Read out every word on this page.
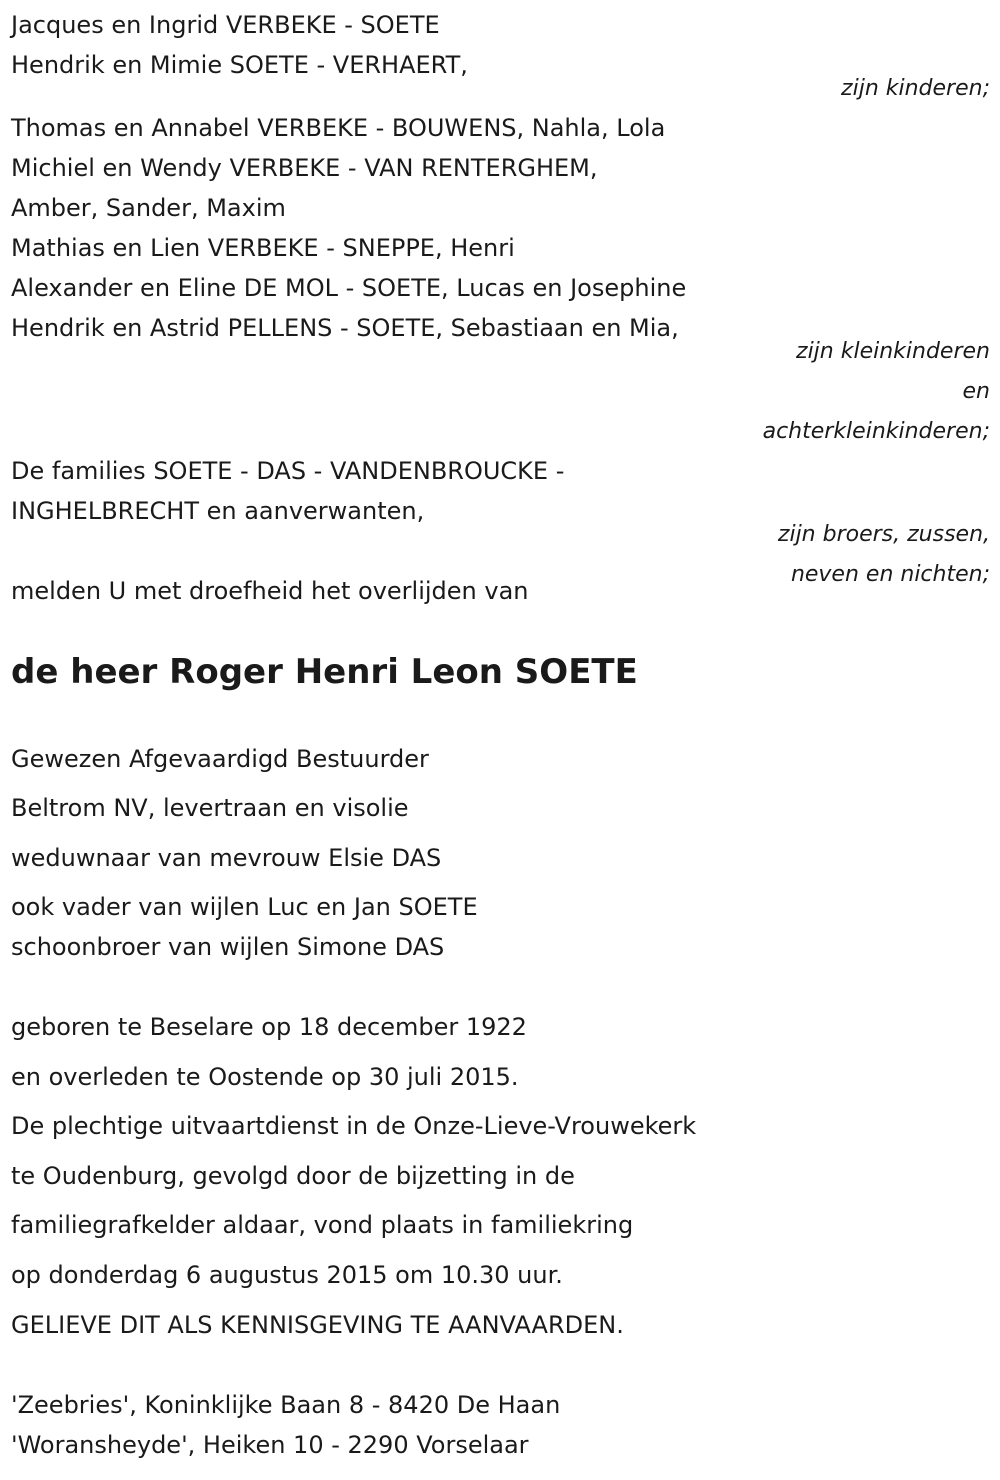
Jacques en Ingrid VERBEKE - SOETE
Hendrik en Mimie SOETE - VERHAERT,
zijn kinderen;
Thomas en Annabel VERBEKE - BOUWENS, Nahla, Lola
Michiel en Wendy VERBEKE - VAN RENTERGHEM,
Amber, Sander, Maxim
Mathias en Lien VERBEKE - SNEPPE, Henri
Alexander en Eline DE MOL - SOETE, Lucas en Josephine
Hendrik en Astrid PELLENS - SOETE, Sebastiaan en Mia,
zijn kleinkinderen
en
achterkleinkinderen;
De families SOETE - DAS - VANDENBROUCKE -
INGHELBRECHT en aanverwanten,
zijn broers, zussen,
neven en nichten;
melden U met droefheid het overlijden van
de heer Roger Henri Leon SOETE
Gewezen Afgevaardigd Bestuurder
Beltrom NV, levertraan en visolie
weduwnaar van mevrouw Elsie DAS
ook vader van wijlen Luc en Jan SOETE
schoonbroer van wijlen Simone DAS
geboren te Beselare op 18 december 1922
en overleden te Oostende op 30 juli 2015.
De plechtige uitvaartdienst in de Onze-Lieve-Vrouwekerk
te Oudenburg, gevolgd door de bijzetting in de
familiegrafkelder aldaar, vond plaats in familiekring
op donderdag 6 augustus 2015 om 10.30 uur.
GELIEVE DIT ALS KENNISGEVING TE AANVAARDEN.
'Zeebries', Koninklijke Baan 8 - 8420 De Haan
'Woransheyde', Heiken 10 - 2290 Vorselaar
